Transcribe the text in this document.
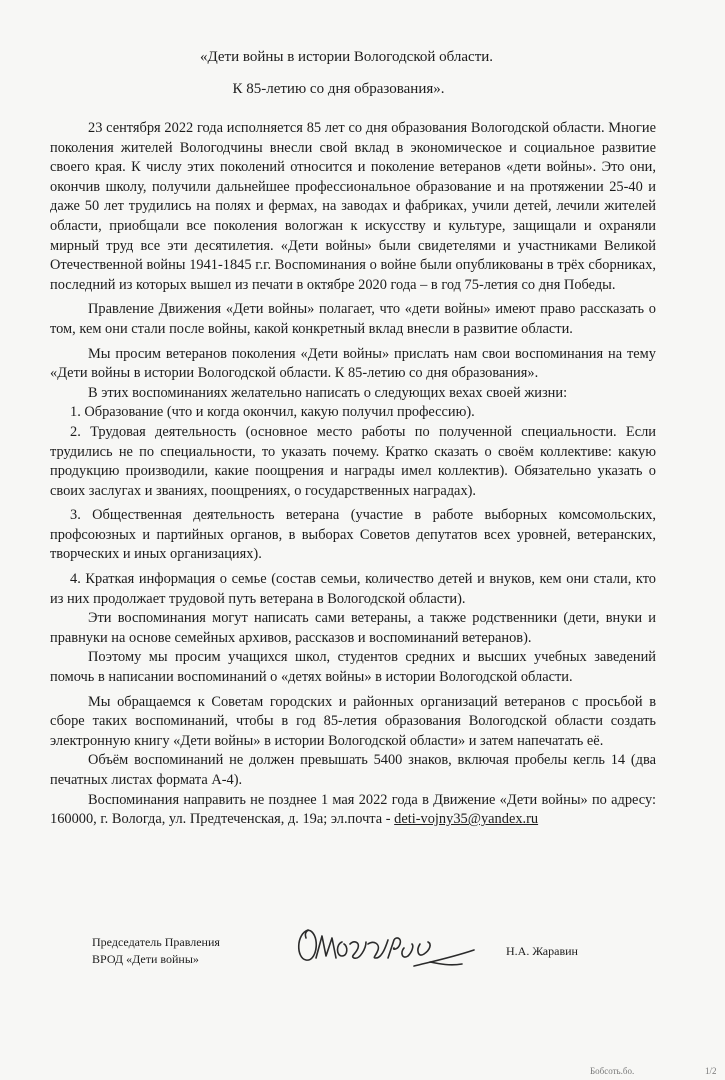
«Дети войны в истории Вологодской области.
К 85-летию со дня образования».

23 сентября 2022 года исполняется 85 лет со дня образования Вологодской области. Многие поколения жителей Вологодчины внесли свой вклад в экономическое и социальное развитие своего края. К числу этих поколений относится и поколение ветеранов «дети войны». Это они, окончив школу, получили дальнейшее профессиональное образование и на протяжении 25-40 и даже 50 лет трудились на полях и фермах, на заводах и фабриках, учили детей, лечили жителей области, приобщали все поколения вологжан к искусству и культуре, защищали и охраняли мирный труд все эти десятилетия. «Дети войны» были свидетелями и участниками Великой Отечественной войны 1941-1845 г.г. Воспоминания о войне были опубликованы в трёх сборниках, последний из которых вышел из печати в октябре 2020 года – в год 75-летия со дня Победы.

Правление Движения «Дети войны» полагает, что «дети войны» имеют право рассказать о том, кем они стали после войны, какой конкретный вклад внесли в развитие области.

Мы просим ветеранов поколения «Дети войны» прислать нам свои воспоминания на тему «Дети войны в истории Вологодской области. К 85-летию со дня образования».

В этих воспоминаниях желательно написать о следующих вехах своей жизни:

1. Образование (что и когда окончил, какую получил профессию).

2. Трудовая деятельность (основное место работы по полученной специальности. Если трудились не по специальности, то указать почему. Кратко сказать о своём коллективе: какую продукцию производили, какие поощрения и награды имел коллектив). Обязательно указать о своих заслугах и званиях, поощрениях, о государственных наградах).

3. Общественная деятельность ветерана (участие в работе выборных комсомольских, профсоюзных и партийных органов, в выборах Советов депутатов всех уровней, ветеранских, творческих и иных организациях).

4. Краткая информация о семье (состав семьи, количество детей и внуков, кем они стали, кто из них продолжает трудовой путь ветерана в Вологодской области).

Эти воспоминания могут написать сами ветераны, а также родственники (дети, внуки и правнуки на основе семейных архивов, рассказов и воспоминаний ветеранов).

Поэтому мы просим учащихся школ, студентов средних и высших учебных заведений помочь в написании воспоминаний о «детях войны» в истории Вологодской области.

Мы обращаемся к Советам городских и районных организаций ветеранов с просьбой в сборе таких воспоминаний, чтобы в год 85-летия образования Вологодской области создать электронную книгу «Дети войны» в истории Вологодской области» и затем напечатать её.

Объём воспоминаний не должен превышать 5400 знаков, включая пробелы кегль 14 (два печатных листах формата А-4).

Воспоминания направить не позднее 1 мая 2022 года в Движение «Дети войны» по адресу: 160000, г. Вологда, ул. Предтеченская, д. 19а; эл.почта - deti-vojny35@yandex.ru

Председатель Правления
ВРОД «Дети войны»
Н.А. Жаравин
Бобсоть.бо.	1/2
